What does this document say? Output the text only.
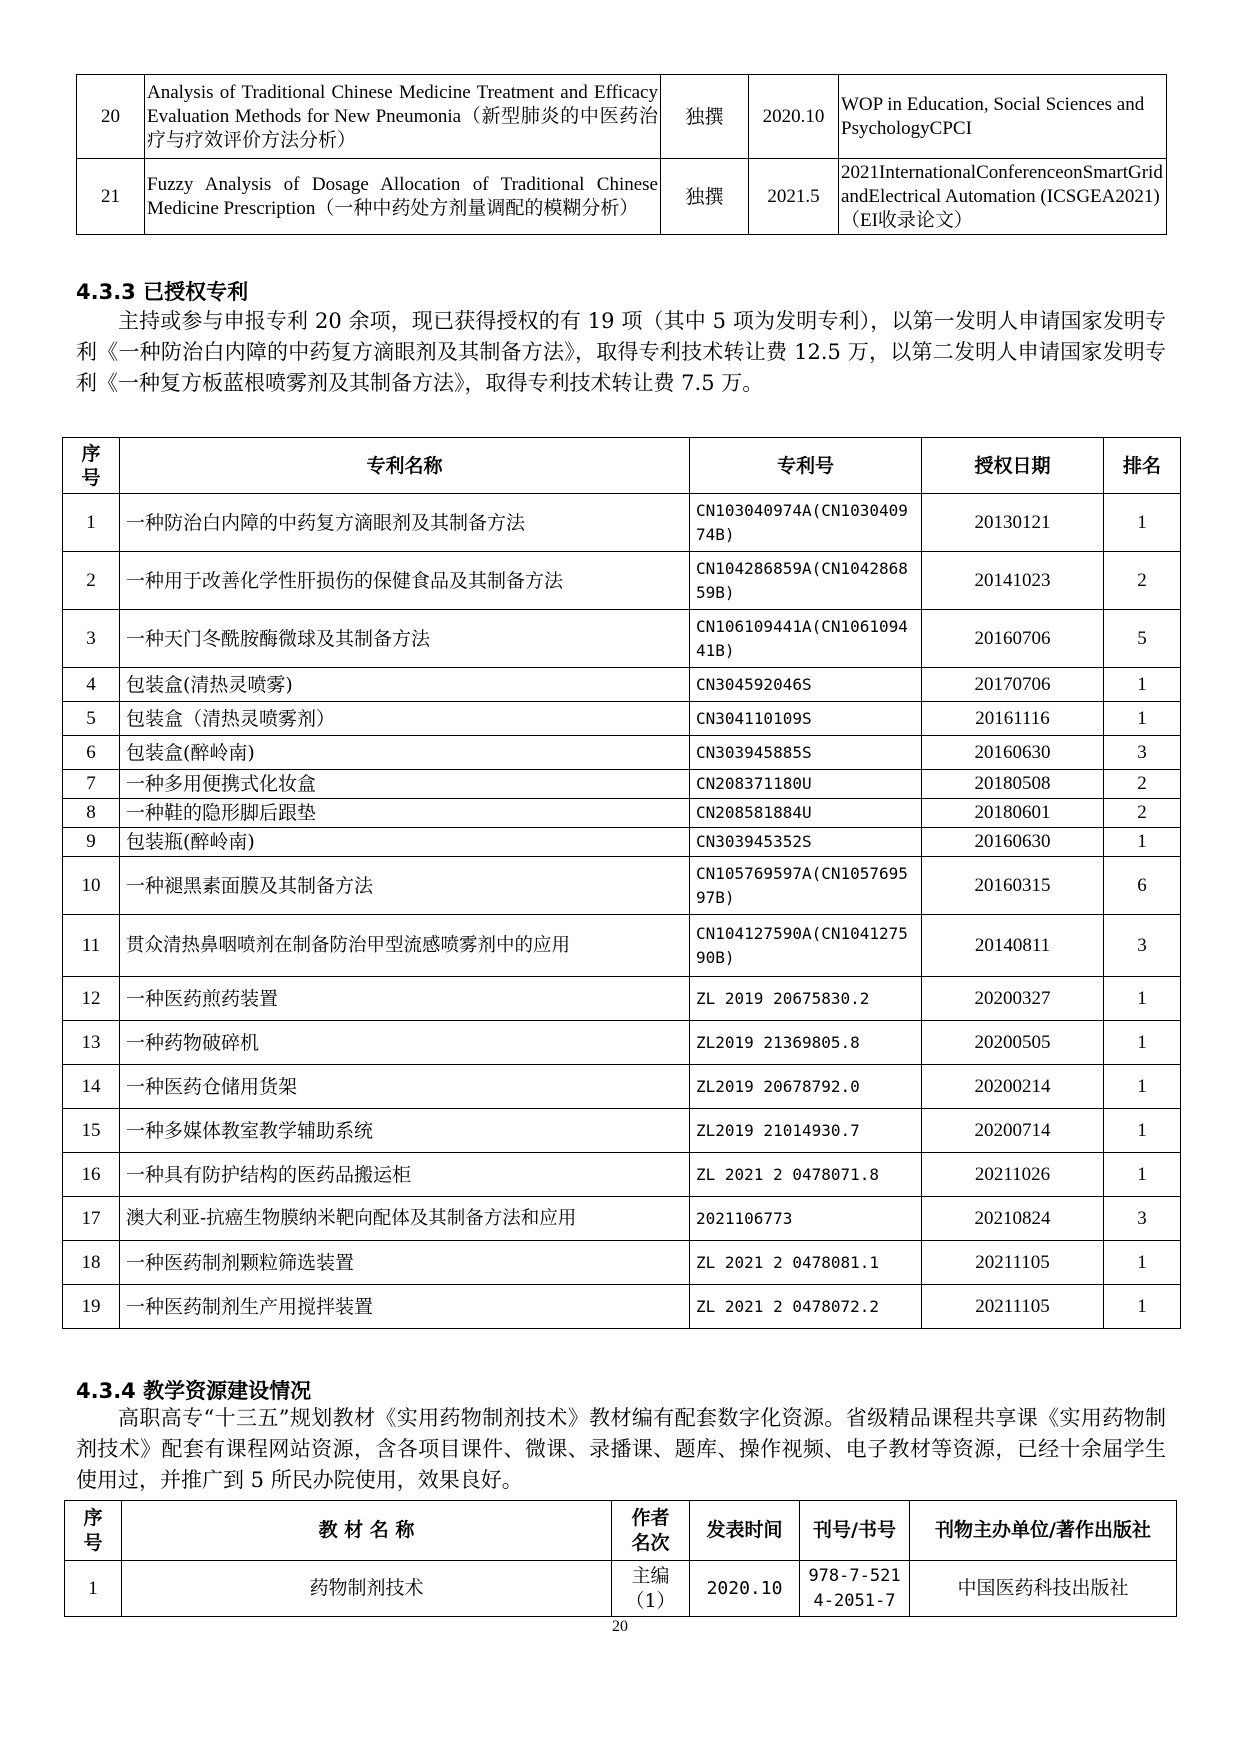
20	Analysis of Traditional Chinese Medicine Treatment and Efficacy Evaluation Methods for New Pneumonia（新型肺炎的中医药治疗与疗效评价方法分析）	独撰	2020.10	WOP in Education, Social Sciences and PsychologyCPCI
21	Fuzzy Analysis of Dosage Allocation of Traditional Chinese Medicine Prescription（一种中药处方剂量调配的模糊分析）	独撰	2021.5	2021InternationalConferenceonSmartGridandElectrical Automation (ICSGEA2021)（EI收录论文）
4.3.3 已授权专利

主持或参与申报专利 20 余项，现已获得授权的有 19 项（其中 5 项为发明专利），以第一发明人申请国家发明专利《一种防治白内障的中药复方滴眼剂及其制备方法》，取得专利技术转让费 12.5 万，以第二发明人申请国家发明专利《一种复方板蓝根喷雾剂及其制备方法》，取得专利技术转让费 7.5 万。

序号	专利名称	专利号	授权日期	排名
1	一种防治白内障的中药复方滴眼剂及其制备方法	CN103040974A(CN103040974B)	20130121	1
2	一种用于改善化学性肝损伤的保健食品及其制备方法	CN104286859A(CN104286859B)	20141023	2
3	一种天门冬酰胺酶微球及其制备方法	CN106109441A(CN106109441B)	20160706	5
4	包装盒(清热灵喷雾)	CN304592046S	20170706	1
5	包装盒（清热灵喷雾剂）	CN304110109S	20161116	1
6	包装盒(醉岭南)	CN303945885S	20160630	3
7	一种多用便携式化妆盒	CN208371180U	20180508	2
8	一种鞋的隐形脚后跟垫	CN208581884U	20180601	2
9	包装瓶(醉岭南)	CN303945352S	20160630	1
10	一种褪黑素面膜及其制备方法	CN105769597A(CN105769597B)	20160315	6
11	贯众清热鼻咽喷剂在制备防治甲型流感喷雾剂中的应用	CN104127590A(CN104127590B)	20140811	3
12	一种医药煎药装置	ZL 2019 20675830.2	20200327	1
13	一种药物破碎机	ZL2019 21369805.8	20200505	1
14	一种医药仓储用货架	ZL2019 20678792.0	20200214	1
15	一种多媒体教室教学辅助系统	ZL2019 21014930.7	20200714	1
16	一种具有防护结构的医药品搬运柜	ZL 2021 2 0478071.8	20211026	1
17	澳大利亚-抗癌生物膜纳米靶向配体及其制备方法和应用	2021106773	20210824	3
18	一种医药制剂颗粒筛选装置	ZL 2021 2 0478081.1	20211105	1
19	一种医药制剂生产用搅拌装置	ZL 2021 2 0478072.2	20211105	1
4.3.4 教学资源建设情况

高职高专“十三五”规划教材《实用药物制剂技术》教材编有配套数字化资源。省级精品课程共享课《实用药物制剂技术》配套有课程网站资源，含各项目课件、微课、录播课、题库、操作视频、电子教材等资源，已经十余届学生使用过，并推广到 5 所民办院使用，效果良好。

序号	教 材 名 称	作者名次	发表时间	刊号/书号	刊物主办单位/著作出版社
1	药物制剂技术	主编（1）	2020.10	978-7-5214-2051-7	中国医药科技出版社
20
